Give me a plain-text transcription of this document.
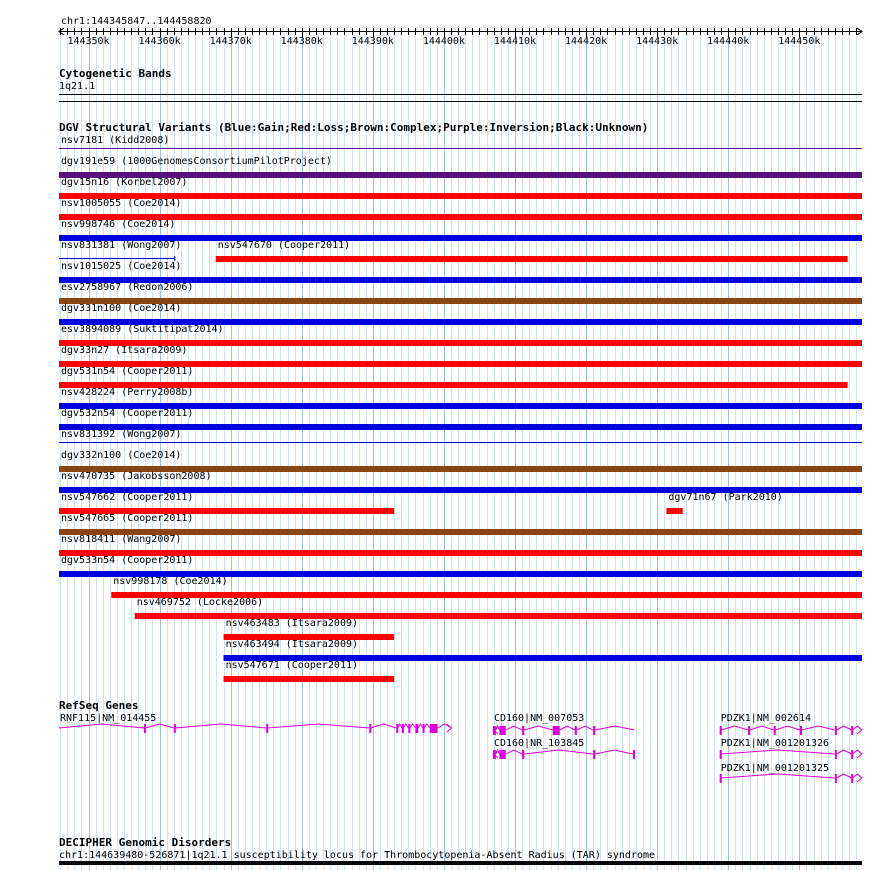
chr1:144345847..144458820
144350k	144360k	144370k	144380k	144390k	144400k	144410k	144420k	144430k	144440k	144450k
Cytogenetic Bands
1q21.1
DGV Structural Variants (Blue:Gain;Red:Loss;Brown:Complex;Purple:Inversion;Black:Unknown)
nsv7181 (Kidd2008)
dgv191e59 (1000GenomesConsortiumPilotProject)
dgv15n16 (Korbel2007)
nsv1005055 (Coe2014)
nsv998746 (Coe2014)
nsv831381 (Wong2007)	nsv547670 (Cooper2011)
nsv1015025 (Coe2014)
esv2758967 (Redon2006)
dgv331n100 (Coe2014)
esv3894089 (Suktitipat2014)
dgv33n27 (Itsara2009)
dgv531n54 (Cooper2011)
nsv428224 (Perry2008b)
dgv532n54 (Cooper2011)
nsv831392 (Wong2007)
dgv332n100 (Coe2014)
nsv470735 (Jakobsson2008)
nsv547662 (Cooper2011)	dgv71n67 (Park2010)
nsv547665 (Cooper2011)
nsv818411 (Wang2007)
dgv533n54 (Cooper2011)
nsv998178 (Coe2014)
nsv469752 (Locke2006)
nsv463483 (Itsara2009)
nsv463494 (Itsara2009)
nsv547671 (Cooper2011)
RefSeq Genes
RNF115|NM_014455	CD160|NM_007053
CD160|NR_103845
PDZK1|NM_002614
PDZK1|NM_001201326
PDZK1|NM_001201325
DECIPHER Genomic Disorders
chr1:144639480-526871|1q21.1 susceptibility locus for Thrombocytopenia-Absent Radius (TAR) syndrome
